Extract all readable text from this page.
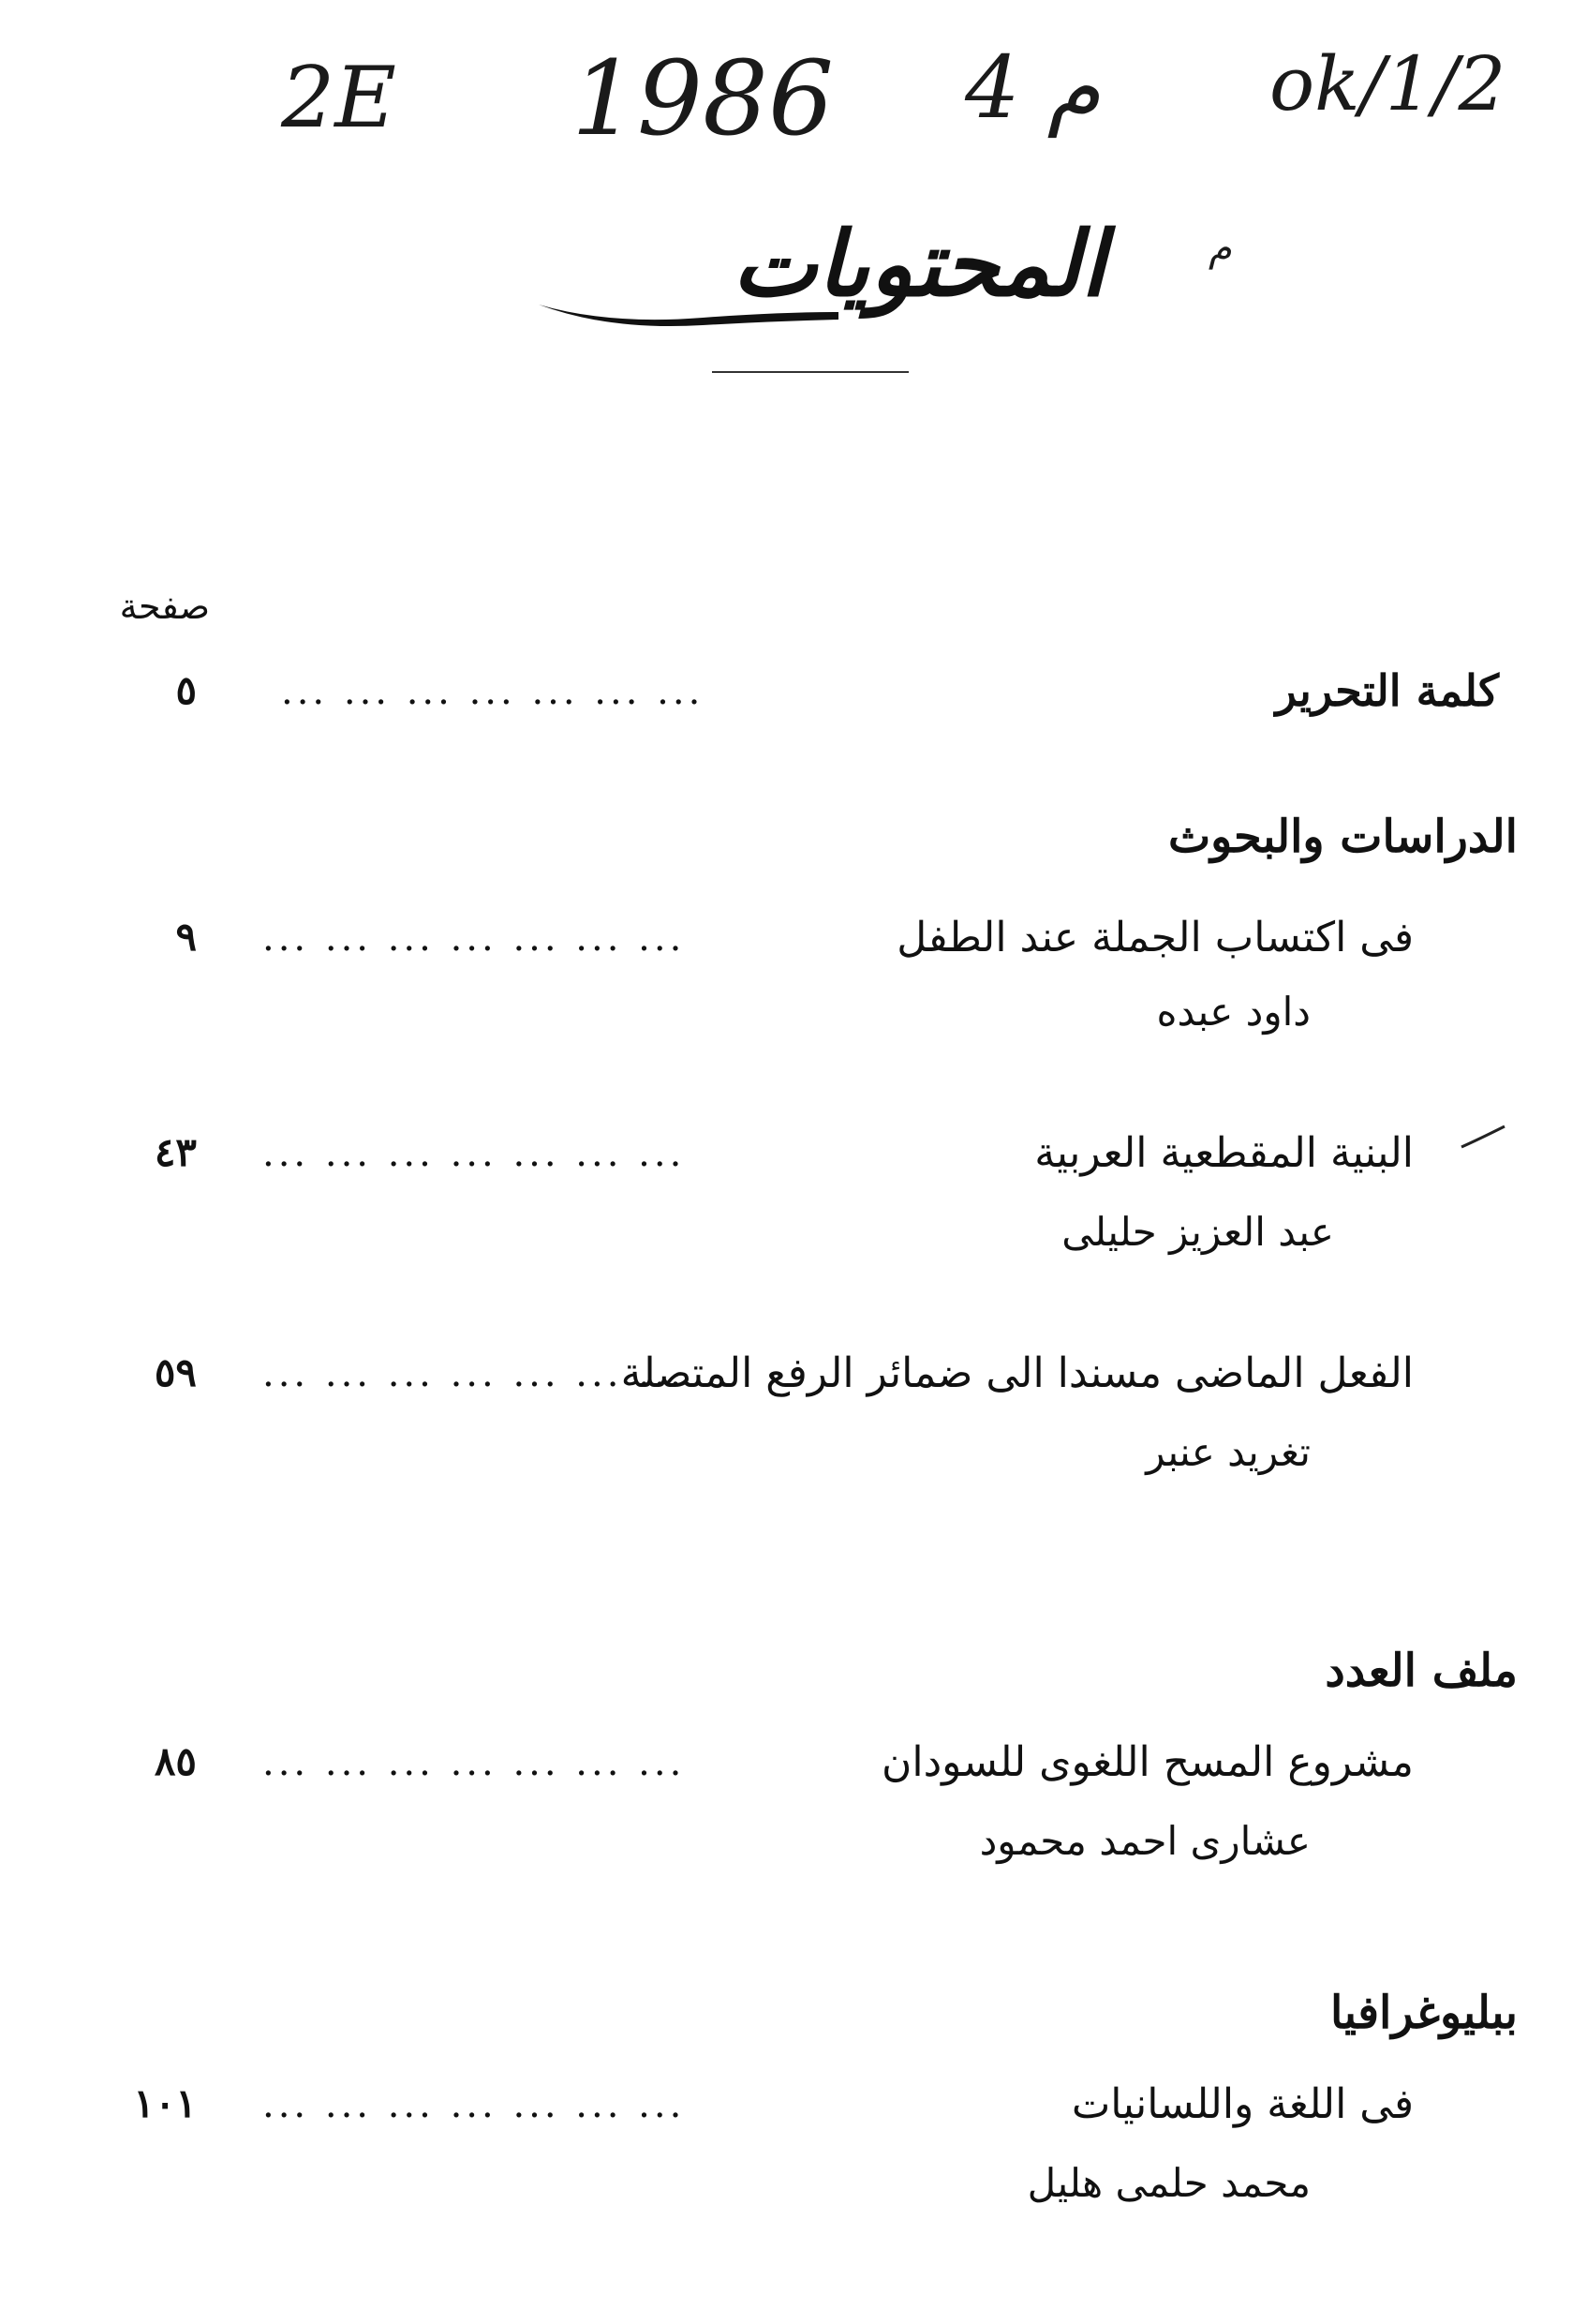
ok/1/2
م 4
1986
2E
م
المحتويات
صفحة
كلمة التحرير
... ... ... ... ... ... ...
٥
الدراسات والبحوث
فى اكتساب الجملة عند الطفل
... ... ... ... ... ... ...
٩
داود عبده
البنية المقطعية العربية
... ... ... ... ... ... ...
٤٣
عبد العزيز حليلى
الفعل الماضى مسندا الى ضمائر الرفع المتصلة
... ... ... ... ... ... ...
٥٩
تغريد عنبر
ملف العدد
مشروع المسح اللغوى للسودان
... ... ... ... ... ... ...
٨٥
عشارى احمد محمود
ببليوغرافيا
فى اللغة واللسانيات
... ... ... ... ... ... ...
١٠١
محمد حلمى هليل
